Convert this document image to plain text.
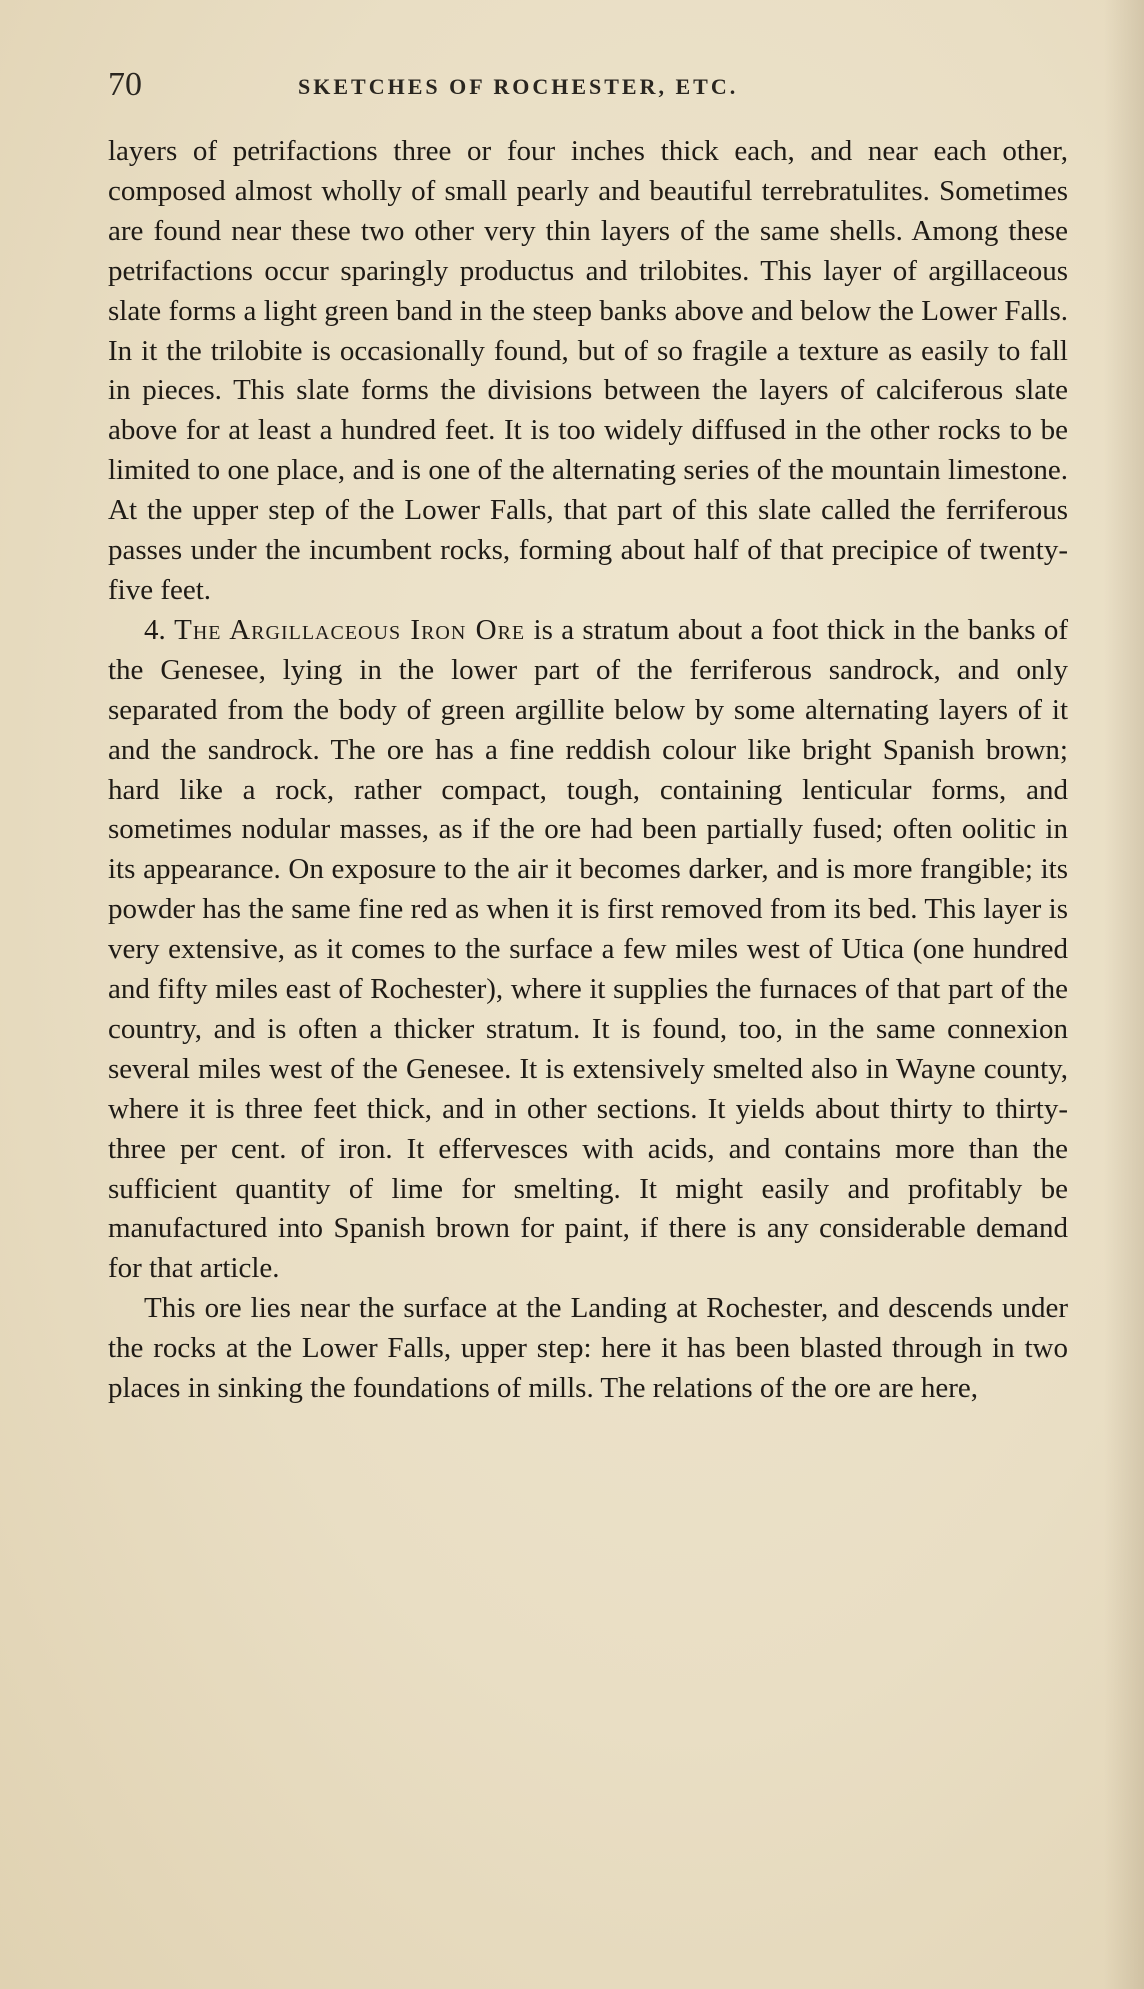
70	SKETCHES OF ROCHESTER, ETC.

layers of petrifactions three or four inches thick each, and near each other, composed almost wholly of small pearly and beautiful terrebratulites. Sometimes are found near these two other very thin layers of the same shells. Among these petrifactions occur sparingly productus and trilobites. This layer of argillaceous slate forms a light green band in the steep banks above and below the Lower Falls. In it the trilobite is occasionally found, but of so fragile a texture as easily to fall in pieces. This slate forms the divisions between the layers of calciferous slate above for at least a hundred feet. It is too widely diffused in the other rocks to be limited to one place, and is one of the alternating series of the mountain limestone. At the upper step of the Lower Falls, that part of this slate called the ferriferous passes under the incumbent rocks, forming about half of that precipice of twenty-five feet.

4. The Argillaceous Iron Ore is a stratum about a foot thick in the banks of the Genesee, lying in the lower part of the ferriferous sandrock, and only separated from the body of green argillite below by some alternating layers of it and the sandrock. The ore has a fine reddish colour like bright Spanish brown; hard like a rock, rather compact, tough, containing lenticular forms, and sometimes nodular masses, as if the ore had been partially fused; often oolitic in its appearance. On exposure to the air it becomes darker, and is more frangible; its powder has the same fine red as when it is first removed from its bed. This layer is very extensive, as it comes to the surface a few miles west of Utica (one hundred and fifty miles east of Rochester), where it supplies the furnaces of that part of the country, and is often a thicker stratum. It is found, too, in the same connexion several miles west of the Genesee. It is extensively smelted also in Wayne county, where it is three feet thick, and in other sections. It yields about thirty to thirty-three per cent. of iron. It effervesces with acids, and contains more than the sufficient quantity of lime for smelting. It might easily and profitably be manufactured into Spanish brown for paint, if there is any considerable demand for that article.

This ore lies near the surface at the Landing at Rochester, and descends under the rocks at the Lower Falls, upper step: here it has been blasted through in two places in sinking the foundations of mills. The relations of the ore are here,
